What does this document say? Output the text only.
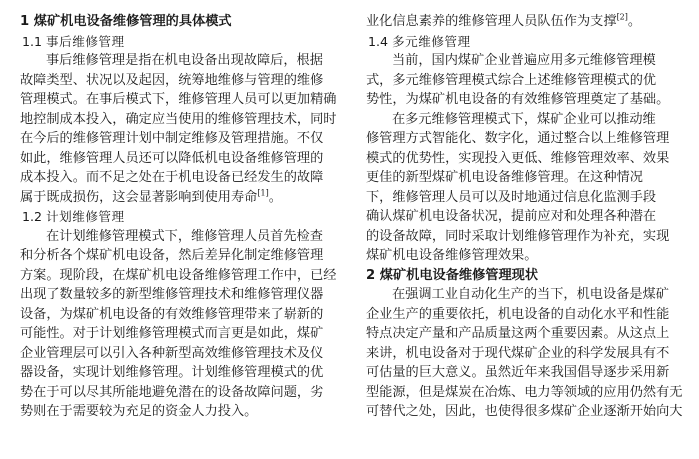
1 煤矿机电设备维修管理的具体模式
1.1 事后维修管理
事后维修管理是指在机电设备出现故障后，根据
故障类型、状况以及起因，统筹地维修与管理的维修
管理模式。在事后模式下，维修管理人员可以更加精确
地控制成本投入，确定应当使用的维修管理技术，同时
在今后的维修管理计划中制定维修及管理措施。不仅
如此，维修管理人员还可以降低机电设备维修管理的
成本投入。而不足之处在于机电设备已经发生的故障
属于既成损伤，这会显著影响到使用寿命[1]。
1.2 计划维修管理
在计划维修管理模式下，维修管理人员首先检查
和分析各个煤矿机电设备，然后差异化制定维修管理
方案。现阶段，在煤矿机电设备维修管理工作中，已经
出现了数量较多的新型维修管理技术和维修管理仪器
设备，为煤矿机电设备的有效维修管理带来了崭新的
可能性。对于计划维修管理模式而言更是如此，煤矿
企业管理层可以引入各种新型高效维修管理技术及仪
器设备，实现计划维修管理。计划维修管理模式的优
势在于可以尽其所能地避免潜在的设备故障问题，劣
势则在于需要较为充足的资金人力投入。
业化信息素养的维修管理人员队伍作为支撑[2]。
1.4 多元维修管理
当前，国内煤矿企业普遍应用多元维修管理模
式，多元维修管理模式综合上述维修管理模式的优
势性，为煤矿机电设备的有效维修管理奠定了基础。
在多元维修管理模式下，煤矿企业可以推动维
修管理方式智能化、数字化，通过整合以上维修管理
模式的优势性，实现投入更低、维修管理效率、效果
更佳的新型煤矿机电设备维修管理。在这种情况
下，维修管理人员可以及时地通过信息化监测手段
确认煤矿机电设备状况，提前应对和处理各种潜在
的设备故障，同时采取计划维修管理作为补充，实现
煤矿机电设备维修管理效果。
2 煤矿机电设备维修管理现状
在强调工业自动化生产的当下，机电设备是煤矿
企业生产的重要依托，机电设备的自动化水平和性能
特点决定产量和产品质量这两个重要因素。从这点上
来讲，机电设备对于现代煤矿企业的科学发展具有不
可估量的巨大意义。虽然近年来我国倡导逐步采用新
型能源，但是煤炭在冶炼、电力等领域的应用仍然有无
可替代之处，因此，也使得很多煤矿企业逐渐开始向大
